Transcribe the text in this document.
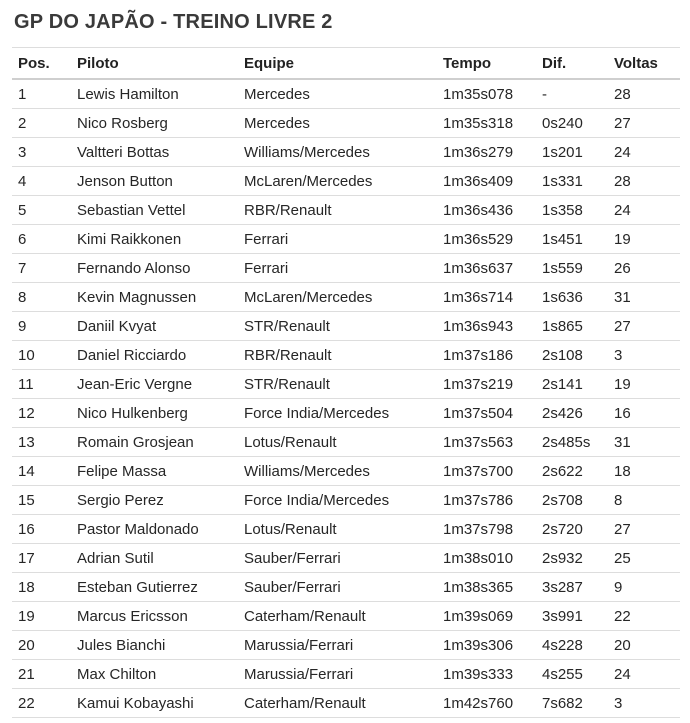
GP DO JAPÃO - TREINO LIVRE 2
Pos.	Piloto	Equipe	Tempo	Dif.	Voltas
1	Lewis Hamilton	Mercedes	1m35s078	-	28
2	Nico Rosberg	Mercedes	1m35s318	0s240	27
3	Valtteri Bottas	Williams/Mercedes	1m36s279	1s201	24
4	Jenson Button	McLaren/Mercedes	1m36s409	1s331	28
5	Sebastian Vettel	RBR/Renault	1m36s436	1s358	24
6	Kimi Raikkonen	Ferrari	1m36s529	1s451	19
7	Fernando Alonso	Ferrari	1m36s637	1s559	26
8	Kevin Magnussen	McLaren/Mercedes	1m36s714	1s636	31
9	Daniil Kvyat	STR/Renault	1m36s943	1s865	27
10	Daniel Ricciardo	RBR/Renault	1m37s186	2s108	3
11	Jean-Eric Vergne	STR/Renault	1m37s219	2s141	19
12	Nico Hulkenberg	Force India/Mercedes	1m37s504	2s426	16
13	Romain Grosjean	Lotus/Renault	1m37s563	2s485s	31
14	Felipe Massa	Williams/Mercedes	1m37s700	2s622	18
15	Sergio Perez	Force India/Mercedes	1m37s786	2s708	8
16	Pastor Maldonado	Lotus/Renault	1m37s798	2s720	27
17	Adrian Sutil	Sauber/Ferrari	1m38s010	2s932	25
18	Esteban Gutierrez	Sauber/Ferrari	1m38s365	3s287	9
19	Marcus Ericsson	Caterham/Renault	1m39s069	3s991	22
20	Jules Bianchi	Marussia/Ferrari	1m39s306	4s228	20
21	Max Chilton	Marussia/Ferrari	1m39s333	4s255	24
22	Kamui Kobayashi	Caterham/Renault	1m42s760	7s682	3
